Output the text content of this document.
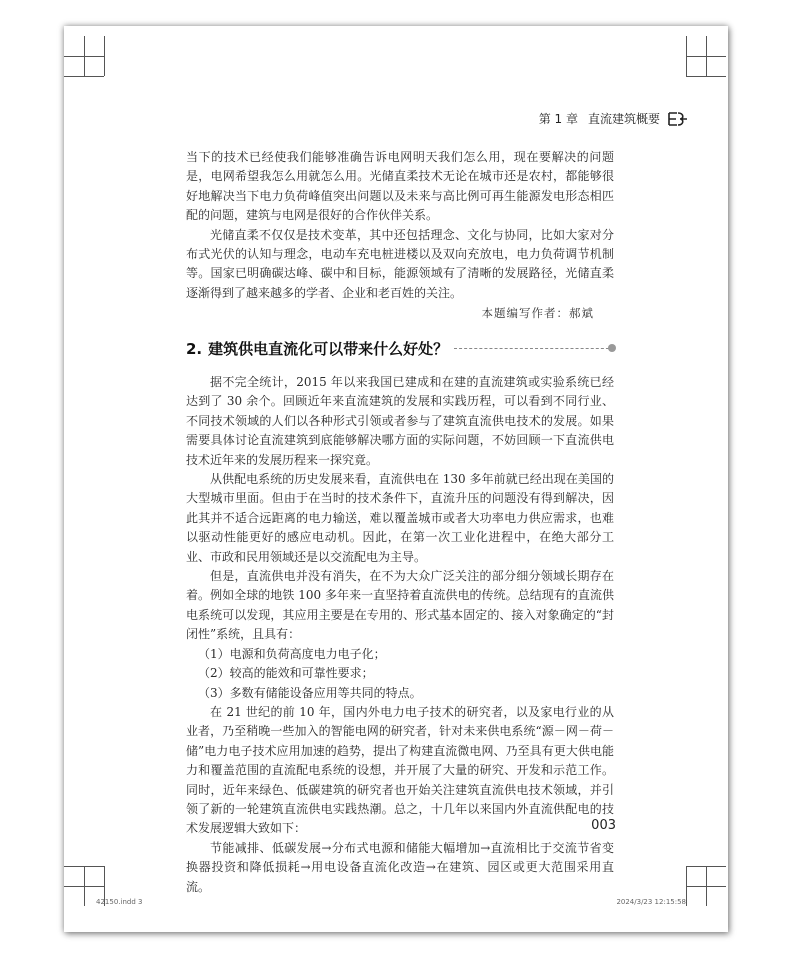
第 1 章 直流建筑概要

当下的技术已经使我们能够准确告诉电网明天我们怎么用，现在要解决的问题是，电网希望我怎么用就怎么用。光储直柔技术无论在城市还是农村，都能够很好地解决当下电力负荷峰值突出问题以及未来与高比例可再生能源发电形态相匹配的问题，建筑与电网是很好的合作伙伴关系。

光储直柔不仅仅是技术变革，其中还包括理念、文化与协同，比如大家对分布式光伏的认知与理念，电动车充电桩进楼以及双向充放电，电力负荷调节机制等。国家已明确碳达峰、碳中和目标，能源领域有了清晰的发展路径，光储直柔逐渐得到了越来越多的学者、企业和老百姓的关注。

本题编写作者：郝斌
2. 建筑供电直流化可以带来什么好处？

据不完全统计，2015 年以来我国已建成和在建的直流建筑或实验系统已经达到了 30 余个。回顾近年来直流建筑的发展和实践历程，可以看到不同行业、不同技术领域的人们以各种形式引领或者参与了建筑直流供电技术的发展。如果需要具体讨论直流建筑到底能够解决哪方面的实际问题，不妨回顾一下直流供电技术近年来的发展历程来一探究竟。

从供配电系统的历史发展来看，直流供电在 130 多年前就已经出现在美国的大型城市里面。但由于在当时的技术条件下，直流升压的问题没有得到解决，因此其并不适合远距离的电力输送，难以覆盖城市或者大功率电力供应需求，也难以驱动性能更好的感应电动机。因此，在第一次工业化进程中，在绝大部分工业、市政和民用领域还是以交流配电为主导。

但是，直流供电并没有消失，在不为大众广泛关注的部分细分领域长期存在着。例如全球的地铁 100 多年来一直坚持着直流供电的传统。总结现有的直流供电系统可以发现，其应用主要是在专用的、形式基本固定的、接入对象确定的“封闭性”系统，且具有：

（1）电源和负荷高度电力电子化；

（2）较高的能效和可靠性要求；

（3）多数有储能设备应用等共同的特点。

在 21 世纪的前 10 年，国内外电力电子技术的研究者，以及家电行业的从业者，乃至稍晚一些加入的智能电网的研究者，针对未来供电系统“源－网－荷－储”电力电子技术应用加速的趋势，提出了构建直流微电网、乃至具有更大供电能力和覆盖范围的直流配电系统的设想，并开展了大量的研究、开发和示范工作。同时，近年来绿色、低碳建筑的研究者也开始关注建筑直流供电技术领域，并引领了新的一轮建筑直流供电实践热潮。总之，十几年以来国内外直流供配电的技术发展逻辑大致如下：

节能减排、低碳发展→分布式电源和储能大幅增加→直流相比于交流节省变换器投资和降低损耗→用电设备直流化改造→在建筑、园区或更大范围采用直流。

003
42150.indd 3	2024/3/23 12:15:58
